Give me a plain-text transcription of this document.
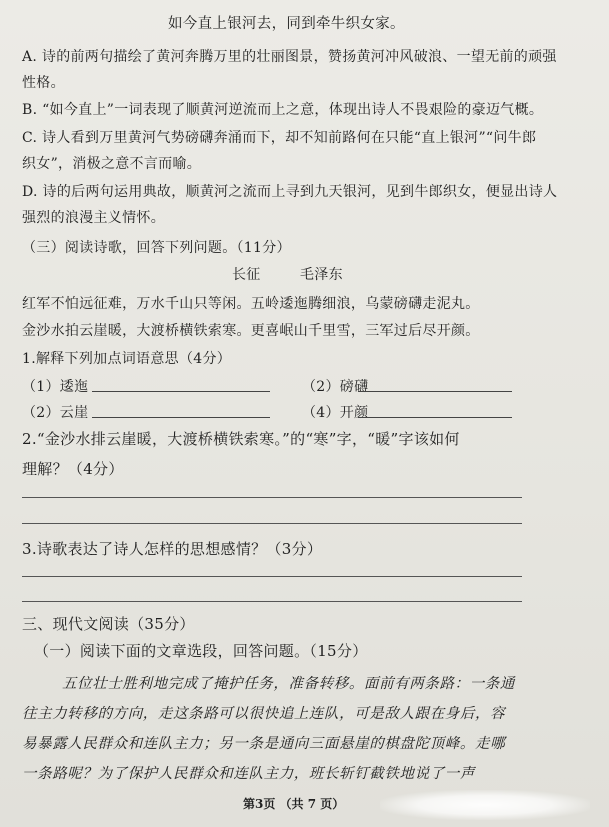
如今直上银河去，同到牵牛织女家。
A. 诗的前两句描绘了黄河奔腾万里的壮丽图景，赞扬黄河冲风破浪、一望无前的顽强
性格。
B. “如今直上”一词表现了顺黄河逆流而上之意，体现出诗人不畏艰险的豪迈气概。
C. 诗人看到万里黄河气势磅礴奔涌而下，却不知前路何在只能“直上银河”“问牛郎
织女”，消极之意不言而喻。
D. 诗的后两句运用典故，顺黄河之流而上寻到九天银河，见到牛郎织女，便显出诗人
强烈的浪漫主义情怀。
（三）阅读诗歌，回答下列问题。（11分）
长征	毛泽东
红军不怕远征难，万水千山只等闲。五岭逶迤腾细浪，乌蒙磅礴走泥丸。
金沙水拍云崖暖，大渡桥横铁索寒。更喜岷山千里雪，三军过后尽开颜。
1.解释下列加点词语意思（4分）
（1）逶迤	（2）磅礴
（2）云崖	（4）开颜
2.“金沙水排云崖暖，大渡桥横铁索寒。”的“寒”字，“暖”字该如何
理解？（4分）
3.诗歌表达了诗人怎样的思想感情？（3分）
三、现代文阅读（35分）
（一）阅读下面的文章选段，回答问题。（15分）
五位壮士胜利地完成了掩护任务，准备转移。面前有两条路：一条通
往主力转移的方向，走这条路可以很快追上连队，可是敌人跟在身后，容
易暴露人民群众和连队主力；另一条是通向三面悬崖的棋盘陀顶峰。走哪
一条路呢？为了保护人民群众和连队主力，班长斩钉截铁地说了一声
第3页 （共 7 页）
